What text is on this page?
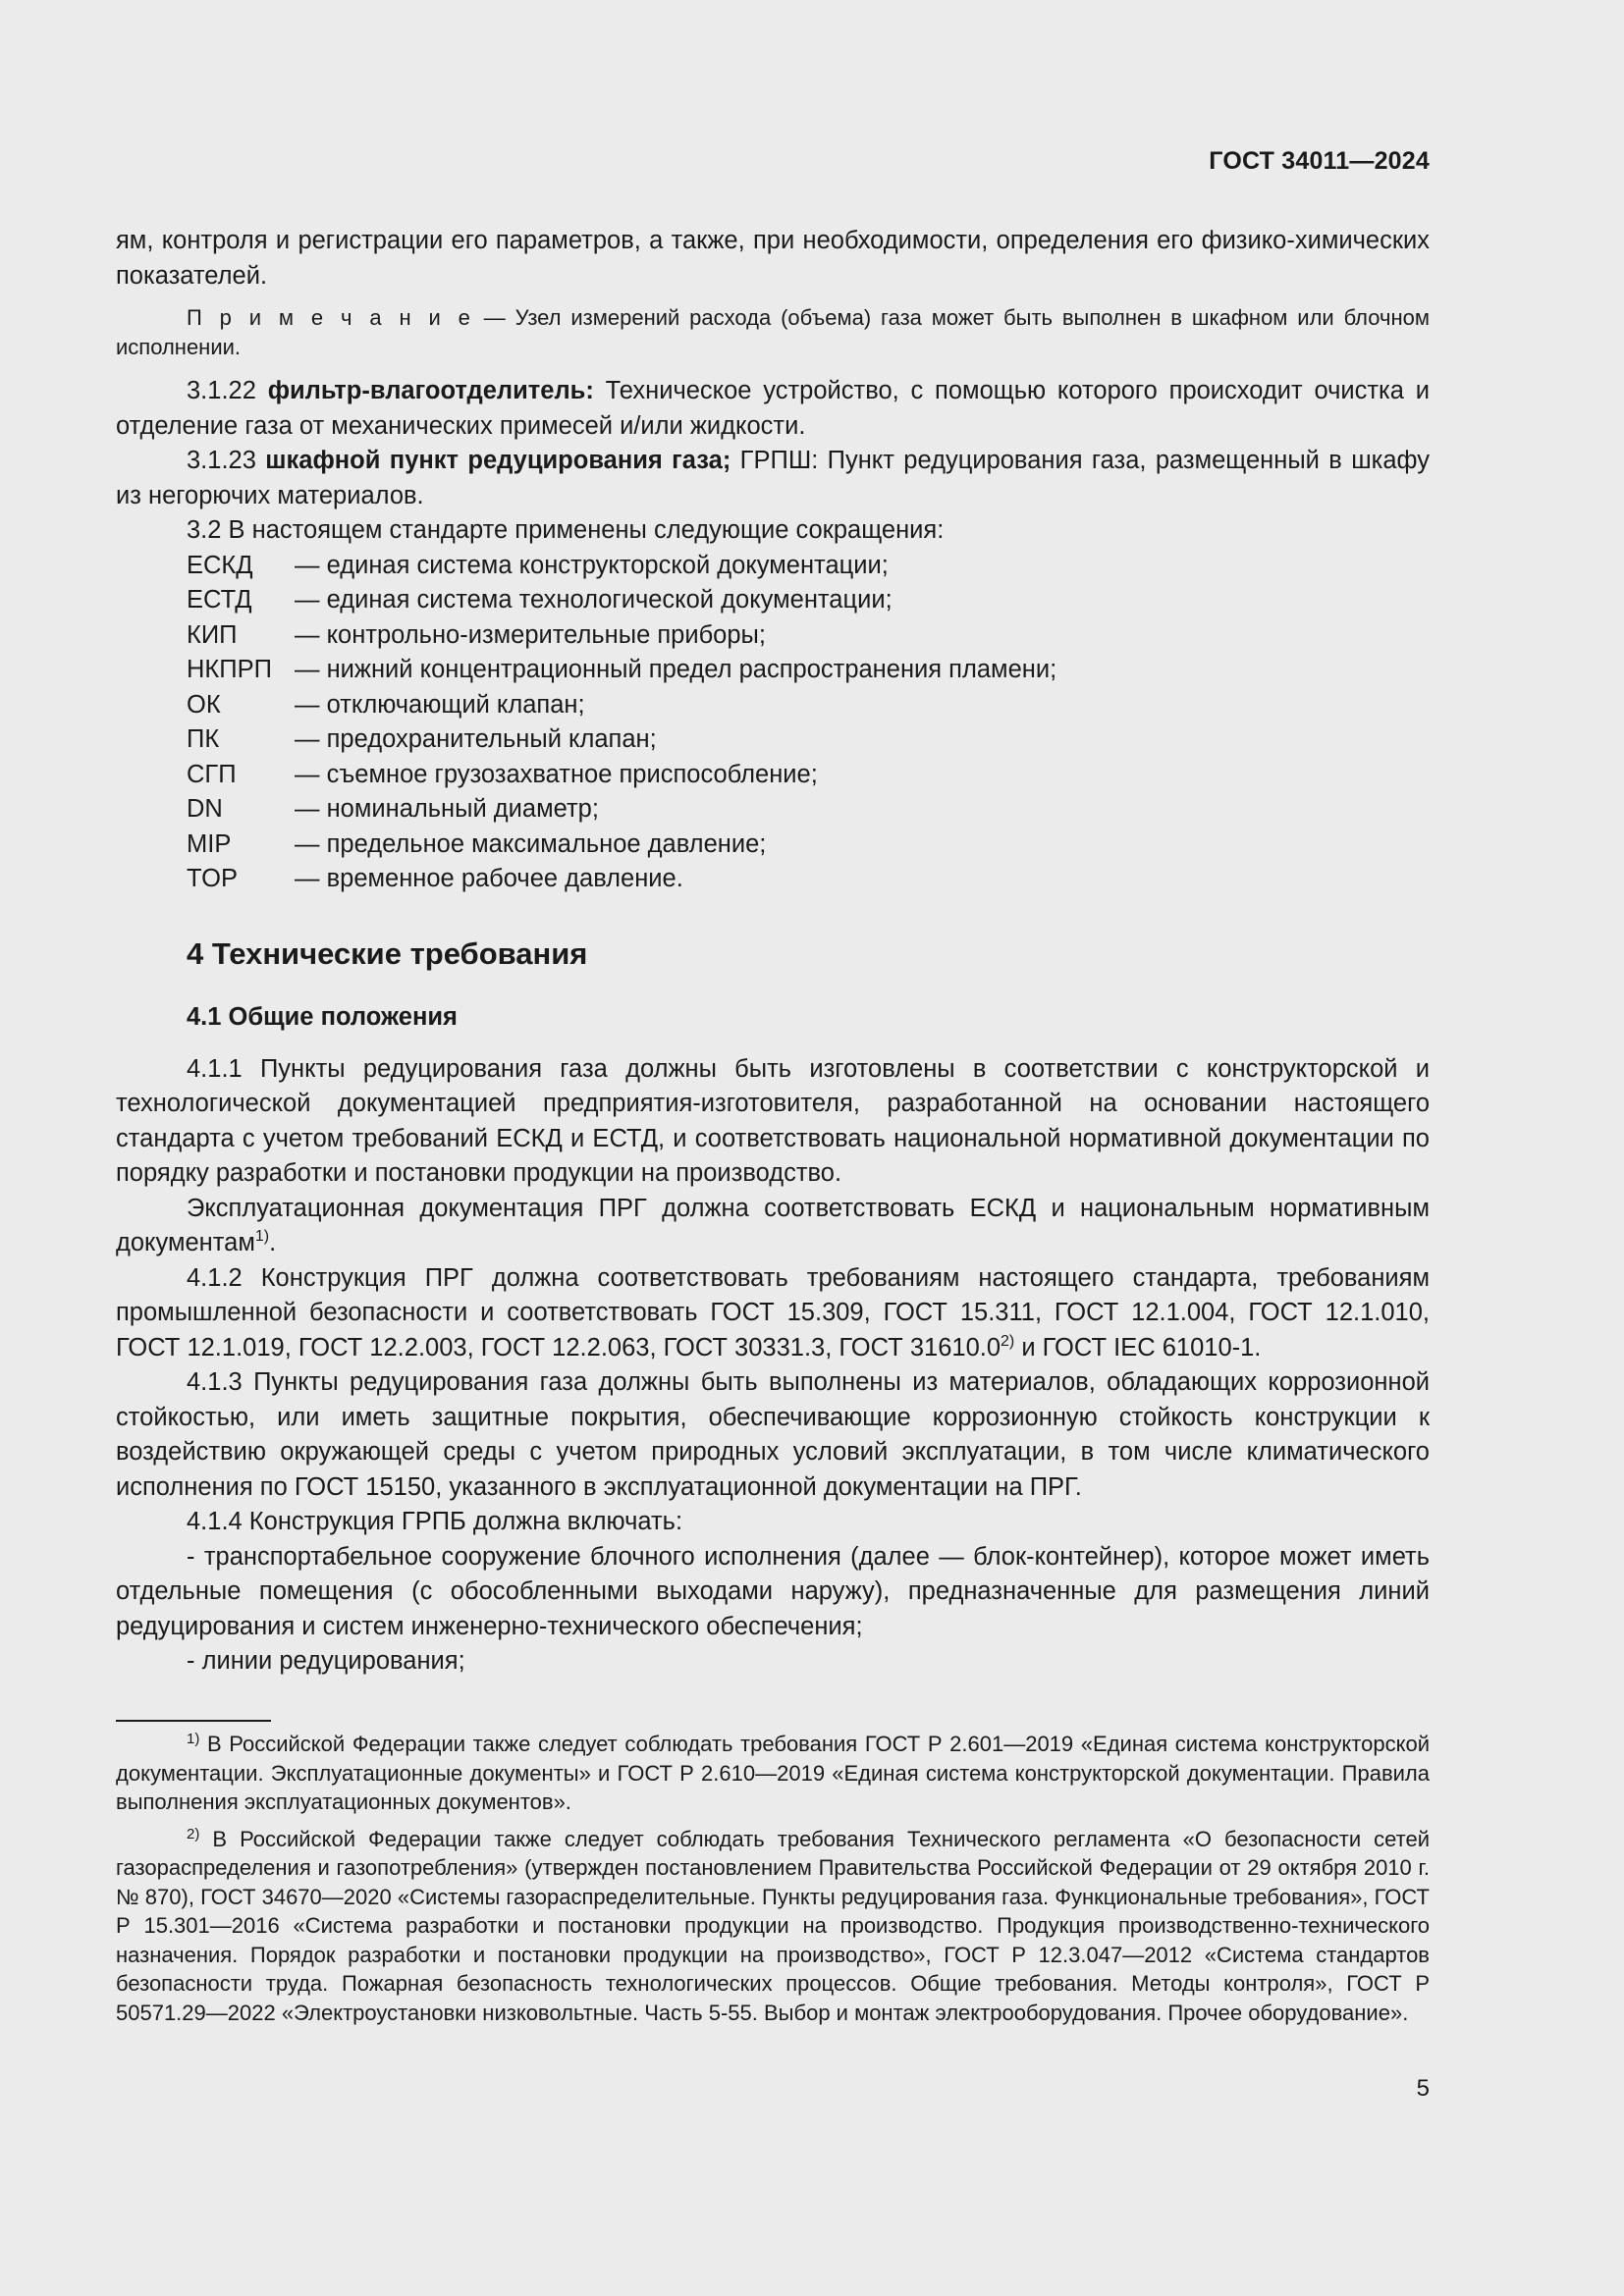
ГОСТ 34011—2024

ям, контроля и регистрации его параметров, а также, при необходимости, определения его физико-химических показателей.

П р и м е ч а н и е — Узел измерений расхода (объема) газа может быть выполнен в шкафном или блочном исполнении.

3.1.22 фильтр-влагоотделитель: Техническое устройство, с помощью которого происходит очистка и отделение газа от механических примесей и/или жидкости.

3.1.23 шкафной пункт редуцирования газа; ГРПШ: Пункт редуцирования газа, размещенный в шкафу из негорючих материалов.

3.2 В настоящем стандарте применены следующие сокращения:

ЕСКД	— единая система конструкторской документации;
ЕСТД	— единая система технологической документации;
КИП	— контрольно-измерительные приборы;
НКПРП — нижний концентрационный предел распространения пламени;
ОК	— отключающий клапан;
ПК	— предохранительный клапан;
СГП	— съемное грузозахватное приспособление;
DN	— номинальный диаметр;
MIP	— предельное максимальное давление;
TOP	— временное рабочее давление.
4 Технические требования
4.1 Общие положения

4.1.1 Пункты редуцирования газа должны быть изготовлены в соответствии с конструкторской и технологической документацией предприятия-изготовителя, разработанной на основании настоящего стандарта с учетом требований ЕСКД и ЕСТД, и соответствовать национальной нормативной документации по порядку разработки и постановки продукции на производство.

Эксплуатационная документация ПРГ должна соответствовать ЕСКД и национальным нормативным документам$^{1)}$.

4.1.2 Конструкция ПРГ должна соответствовать требованиям настоящего стандарта, требованиям промышленной безопасности и соответствовать ГОСТ 15.309, ГОСТ 15.311, ГОСТ 12.1.004, ГОСТ 12.1.010, ГОСТ 12.1.019, ГОСТ 12.2.003, ГОСТ 12.2.063, ГОСТ 30331.3, ГОСТ 31610.0$^{2)}$ и ГОСТ IEC 61010-1.

4.1.3 Пункты редуцирования газа должны быть выполнены из материалов, обладающих коррозионной стойкостью, или иметь защитные покрытия, обеспечивающие коррозионную стойкость конструкции к воздействию окружающей среды с учетом природных условий эксплуатации, в том числе климатического исполнения по ГОСТ 15150, указанного в эксплуатационной документации на ПРГ.

4.1.4 Конструкция ГРПБ должна включать:

- транспортабельное сооружение блочного исполнения (далее — блок-контейнер), которое может иметь отдельные помещения (с обособленными выходами наружу), предназначенные для размещения линий редуцирования и систем инженерно-технического обеспечения;

- линии редуцирования;

$^{1)}$ В Российской Федерации также следует соблюдать требования ГОСТ Р 2.601—2019 «Единая система конструкторской документации. Эксплуатационные документы» и ГОСТ Р 2.610—2019 «Единая система конструкторской документации. Правила выполнения эксплуатационных документов».

$^{2)}$ В Российской Федерации также следует соблюдать требования Технического регламента «О безопасности сетей газораспределения и газопотребления» (утвержден постановлением Правительства Российской Федерации от 29 октября 2010 г. № 870), ГОСТ 34670—2020 «Системы газораспределительные. Пункты редуцирования газа. Функциональные требования», ГОСТ Р 15.301—2016 «Система разработки и постановки продукции на производство. Продукция производственно-технического назначения. Порядок разработки и постановки продукции на производство», ГОСТ Р 12.3.047—2012 «Система стандартов безопасности труда. Пожарная безопасность технологических процессов. Общие требования. Методы контроля», ГОСТ Р 50571.29—2022 «Электроустановки низковольтные. Часть 5-55. Выбор и монтаж электрооборудования. Прочее оборудование».

5
